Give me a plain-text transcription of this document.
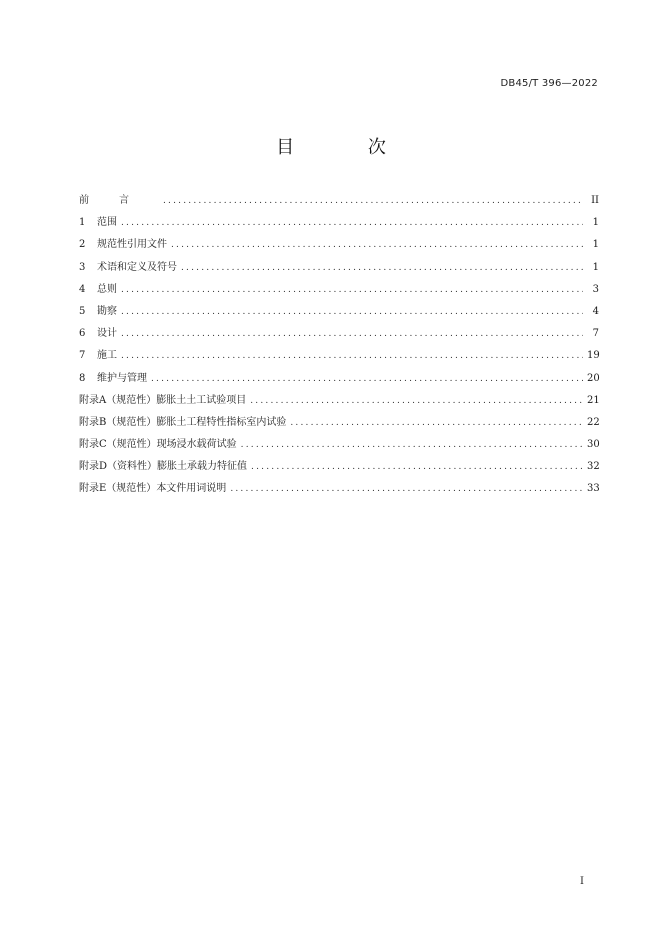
DB45/T 396—2022
目 次
前言 .....	II
1	范围 .....	1
2	规范性引用文件 .....	1
3	术语和定义及符号 .....	1
4	总则 .....	3
5	勘察 .....	4
6	设计 .....	7
7	施工 .....	19
8	维护与管理 .....	20
附录A（规范性） 膨胀土土工试验项目 .....	21
附录B（规范性） 膨胀土工程特性指标室内试验 .....	22
附录C（规范性） 现场浸水载荷试验 .....	30
附录D（资料性） 膨胀土承载力特征值 .....	32
附录E（规范性） 本文件用词说明 .....	33
I
